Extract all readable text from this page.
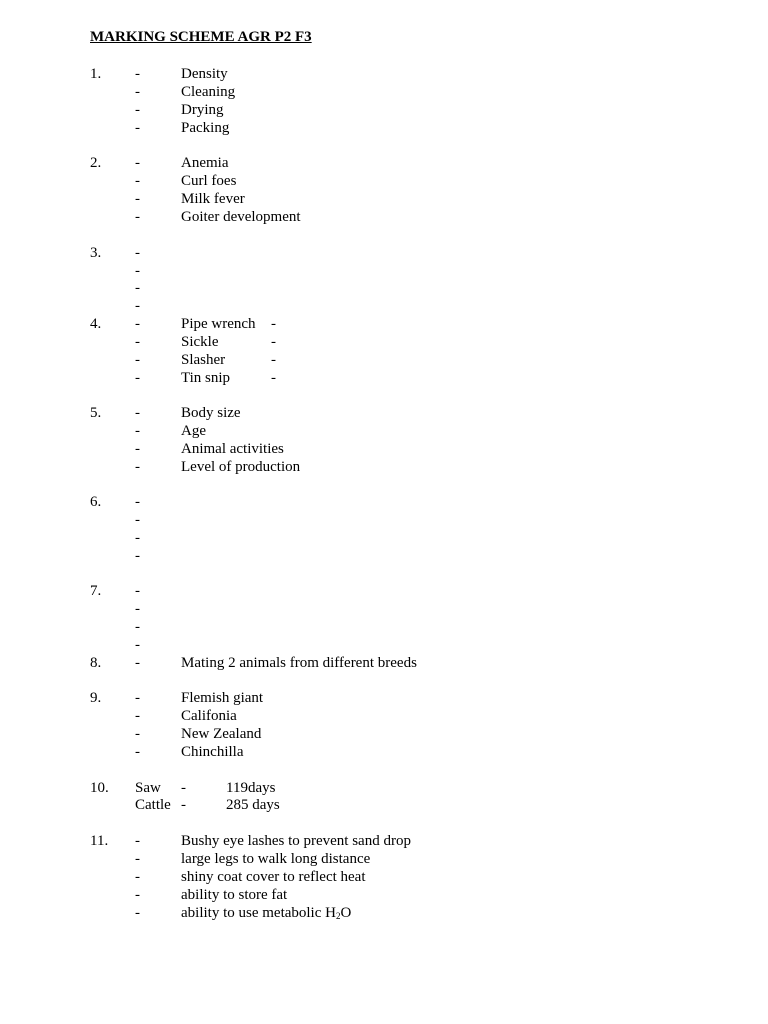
MARKING SCHEME AGR P2 F3
1. -	Density
-	Cleaning
-	Drying
-	Packing
2. -	Anemia
-	Curl foes
-	Milk fever
-	Goiter development
3. -
-
-
-
4. -	Pipe wrench -
-	Sickle	-
-	Slasher	-
-	Tin snip	-
5. -	Body size
-	Age
-	Animal activities
-	Level of production
6. -
-
-
-
7. -
-
-
-
8. -	Mating 2 animals from different breeds
9. -	Flemish giant
-	Califonia
-	New Zealand
-	Chinchilla
10. Saw -	119days
Cattle -	285 days
11. -	Bushy eye lashes to prevent sand drop
-	large legs to walk long distance
-	shiny coat cover to reflect heat
-	ability to store fat
-	ability to use metabolic $H_2O$
